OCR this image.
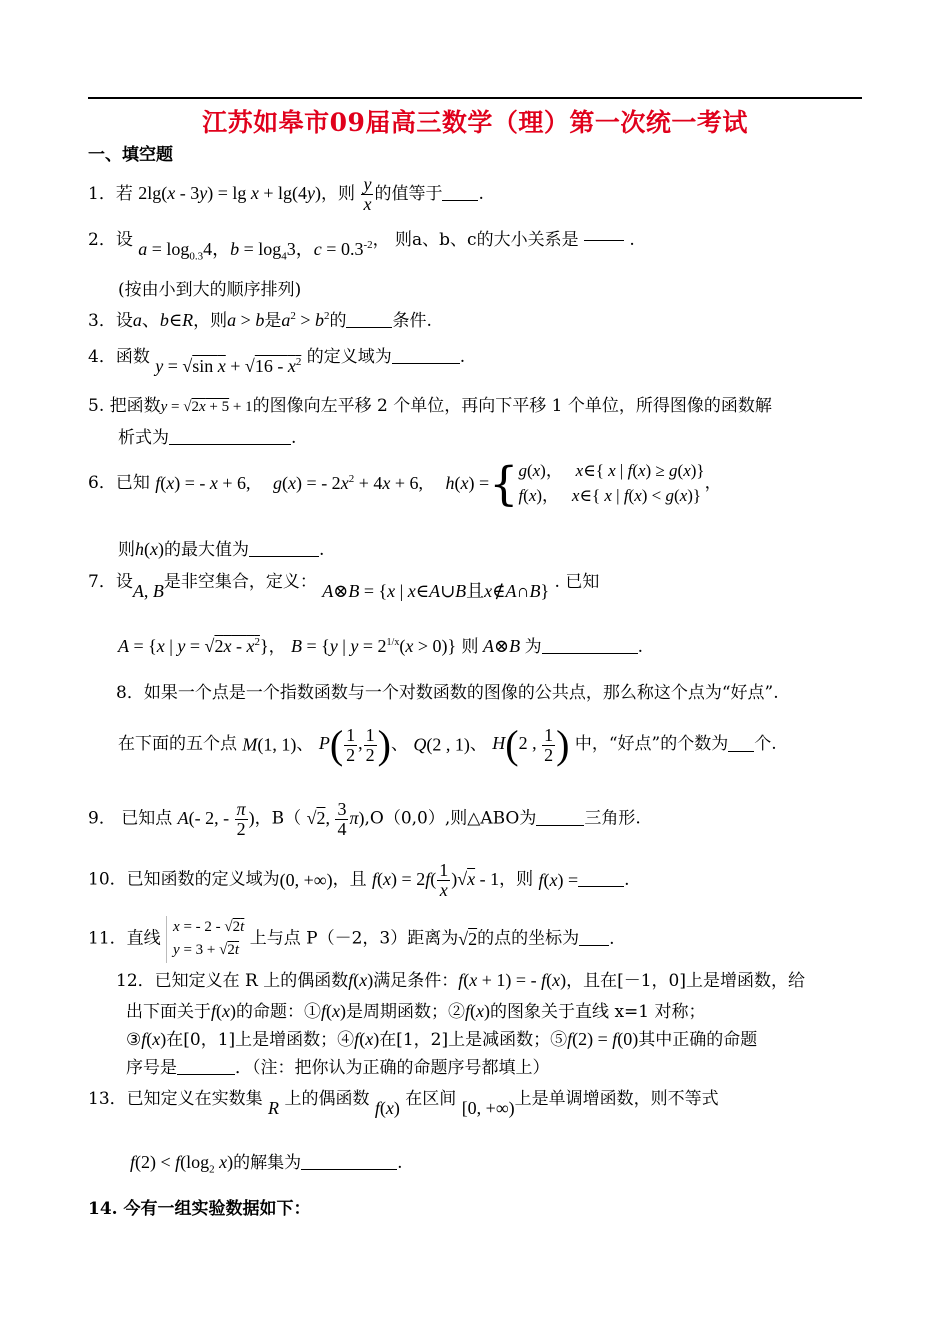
江苏如皋市09届高三数学（理）第一次统一考试
一、填空题
1．若 2lg(x - 3y) = lg x + lg(4y)，则 $\frac{y}{x}$ 的值等于 .
2．设 $a = \log_{0.3}4$，$b = \log_43$，$c = 0.3^{-2}$， 则a、b、c的大小关系是	.
(按由小到大的顺序排列)
3．设a、b∈R，则a > b是$a^2 > b^2$的	条件.
4．函数 y = √sin $x + √16 - x^2$ 的定义域为	.
5. 把函数y = √2x + 5 + 1的图像向左平移 2 个单位，再向下平移 1 个单位，所得图像的函数解
析式为	.
6．已知 f(x) = - x + 6,     g(x) = - $2x^2 + 4x + 6$,     h(x) ={g(x)，   x∈{ x | f(x) ≥ g(x)}
f(x)，   x∈{ x | f(x) < g(x)}，
则h(x)的最大值为	.
7．设A, B是非空集合，定义： A⊗B = {x | x∈A∪B且x∉A∩B} . 已知
A = {x | $y = √2x - x^2$}， B = {y | $y = 2^{1/x}(x > 0)$} 则 A⊗B 为	.
8．如果一个点是一个指数函数与一个对数函数的图像的公共点，那么称这个点为“好点”.
在下面的五个点 M(1, 1)、 $P( \frac{1}{2}$ , $\frac{1}{2}$ )、 Q(2 , 1)、 H(2 , $\frac{1}{2}$ ) 中，“好点”的个数为 个.
9． 已知点 A(- 2, - $\frac{\pi}{2}$ )，B（ √2, $\frac{3}{4} \pi),O(0,0)$,则△ABO为	三角形.
10．已知函数的定义域为(0, +∞)，且 $f(x) = 2f( \frac{1}{x} )√x - 1$，则 f(x) =	.
11．直线 x = - 2 - √2t
y = 3 + √2t 上与点 P（－2，3）距离为√2的点的坐标为 .
12．已知定义在 R 上的偶函数f(x)满足条件：f(x + 1) = - f(x)，且在[－1，0]上是增函数，给
出下面关于f(x)的命题：①f(x)是周期函数；②f(x)的图象关于直线 x=1 对称；
③f(x)在[0，1]上是增函数；④f(x)在[1，2]上是减函数；⑤f(2) = f(0)其中正确的命题
序号是	．（注：把你认为正确的命题序号都填上）
13．已知定义在实数集 R 上的偶函数 f(x) 在区间 [0, +∞)上是单调增函数，则不等式
$f(2) < f(\log_2$ x)的解集为	.
14. 今有一组实验数据如下：
